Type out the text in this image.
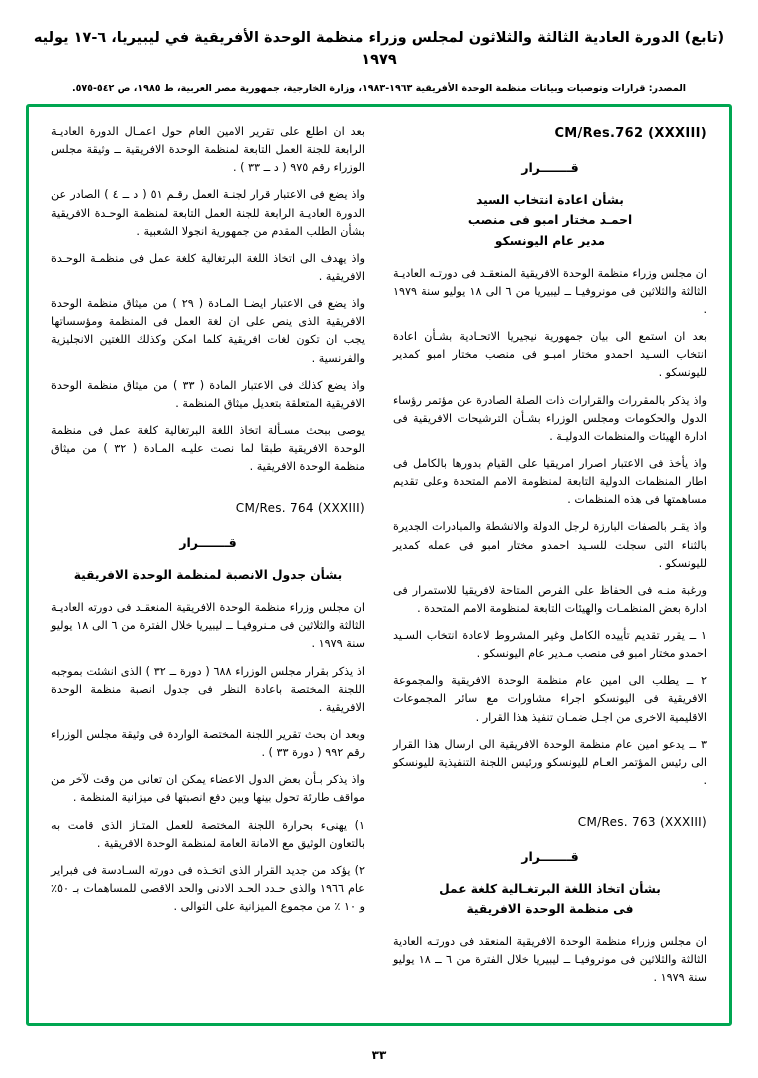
(تابع) الدورة العادية الثالثة والثلاثون لمجلس وزراء منظمة الوحدة الأفريقية في ليبيريا، ٦-١٧ يوليه ١٩٧٩
المصدر: ‏قرارات وتوصيات وبيانات منظمة الوحدة الأفريقية ١٩٦٣-١٩٨٣، وزارة الخارجية، جمهورية مصر العربية، ط ١٩٨٥، ص ٥٤٢-٥٧٥‏.
CM/Res.762 (XXXIII)
قـــــــرار
بشأن اعادة انتخاب السيد
احمـد مختار امبو فى منصب
مدير عام اليونسكو

ان مجلس وزراء منظمة الوحدة الافريقية المنعقـد فى دورتـه العاديـة الثالثة والثلاثين فى مونروفيـا ــ ليبيريا من ٦ الى ١٨ يوليو سنة ١٩٧٩ .

بعد ان استمع الى بيان جمهورية نيجيريا الاتحـادية بشـأن اعادة انتخاب السـيد احمدو مختار امبـو فى منصب مختار امبو كمدير لليونسكو .

واذ يذكر بالمقررات والقرارات ذات الصلة الصادرة عن مؤتمر رؤساء الدول والحكومات ومجلس الوزراء بشـأن الترشيحات الافريقية فى ادارة الهيئات والمنظمات الدوليـة .

واذ يأخذ فى الاعتبار اصرار امريقيا على القيام بدورها بالكامل فى اطار المنظمات الدولية التابعة لمنظومة الامم المتحدة وعلى تقديم مساهمتها فى هذه المنظمات .

واذ يقـر بالصفات البارزة لرجل الدولة والانشطة والمبادرات الجديرة بالثناء التى سجلت للسـيد احمدو مختار امبو فى عمله كمدير لليونسكو .

ورغبة منـه فى الحفاظ على الفرص المتاحة لافريقيا للاستمرار فى ادارة بعض المنظمـات والهيئات التابعة لمنظومة الامم المتحدة .

١ ــ يقرر تقديم تأييده الكامل وغير المشروط لاعادة انتخاب السـيد احمدو مختار امبو فى منصب مـدير عام اليونسكو .

٢ ــ يطلب الى امين عام منظمة الوحدة الافريقية والمجموعة الافريقية فى اليونسكو اجراء مشاورات مع سائر المجموعات الاقليمية الاخرى من اجـل ضمـان تنفيذ هذا القرار .

٣ ــ يدعو امين عام منظمة الوحدة الافريقية الى ارسال هذا القرار الى رئيس المؤتمر العـام لليونسكو ورئيس اللجنة التنفيذية لليونسكو .

CM/Res. 763 (XXXIII)
قـــــــرار
بشأن اتخاذ اللغة البرتغـالية كلغة عمل
فى منظمة الوحدة الافريقية

ان مجلس وزراء منظمة الوحدة الافريقية المنعقد فى دورتـه العادية الثالثة والثلاثين فى مونروفيـا ــ ليبيريا خلال الفترة من ٦ ــ ١٨ يوليو سنة ١٩٧٩ .

بعد ان اطلع على تقرير الامين العام حول اعمـال الدورة العاديـة الرابعة للجنة العمل التابعة لمنظمة الوحدة الافريقية ــ وثيقة مجلس الوزراء رقم ٩٧٥ ( د ــ ٣٣ ) .

واذ يضع فى الاعتبار قرار لجنـة العمل رقـم ٥١ ( د ــ ٤ ) الصادر عن الدورة العاديـة الرابعة للجنة العمل التابعة لمنظمة الوحـدة الافريقية بشأن الطلب المقدم من جمهورية انجولا الشعبية .

واذ يهدف الى اتخاذ اللغة البرتغالية كلغة عمل فى منظمـة الوحـدة الافريقية .

واذ يضع فى الاعتبار ايضـا المـادة ( ٢٩ ) من ميثاق منظمة الوحدة الافريقية الذى ينص على ان لغة العمل فى المنظمة ومؤسساتها يجب ان تكون لغات افريقية كلما امكن وكذلك اللغتين الانجليزية والفرنسية .

واذ يضع كذلك فى الاعتبار المادة ( ٣٣ ) من ميثاق منظمة الوحدة الافريقية المتعلقة بتعديل ميثاق المنظمة .

يوصى ببحث مسـألة اتخاذ اللغة البرتغالية كلغة عمل فى منظمة الوحدة الافريقية طبقا لما نصت عليـه المـادة ( ٣٢ ) من ميثاق منظمة الوحدة الافريقية .

CM/Res. 764 (XXXIII)
قـــــــرار
بشأن جدول الانصبة لمنظمة الوحدة الافريقية

ان مجلس وزراء منظمة الوحدة الافريقية المنعقـد فى دورته العاديـة الثالثة والثلاثين فى مـنروفيـا ــ ليبيريا خلال الفترة من ٦ الى ١٨ يوليو سنة ١٩٧٩ .

اذ يذكر بقرار مجلس الوزراء ٦٨٨ ( دورة ــ ٣٢ ) الذى انشئت بموجبه اللجنة المختصة باعادة النظر فى جدول انصبة منظمة الوحدة الافريقية .

وبعد ان بحث تقرير اللجنة المختصة الواردة فى وثيقة مجلس الوزراء رقم ٩٩٢ ( دورة ٣٣ ) .

واذ يذكر بـأن بعض الدول الاعضاء يمكن ان تعانى من وقت لآخر من مواقف طارئة تحول بينها وبين دفع انصبتها فى ميزانية المنظمة .

١) يهنىء بحرارة اللجنة المختصة للعمل المتـاز الذى قامت به بالتعاون الوثيق مع الامانة العامة لمنظمة الوحدة الافريقية .

٢) يؤكد من جديد القرار الذى اتخـذه فى دورته السـادسة فى فبراير عام ١٩٦٦ والذى حـدد الحـد الادنى والحد الاقصى للمساهمات بـ ٥٠٪ و ١٠ ٪ من مجموع الميزانية على التوالى .

٣٣
